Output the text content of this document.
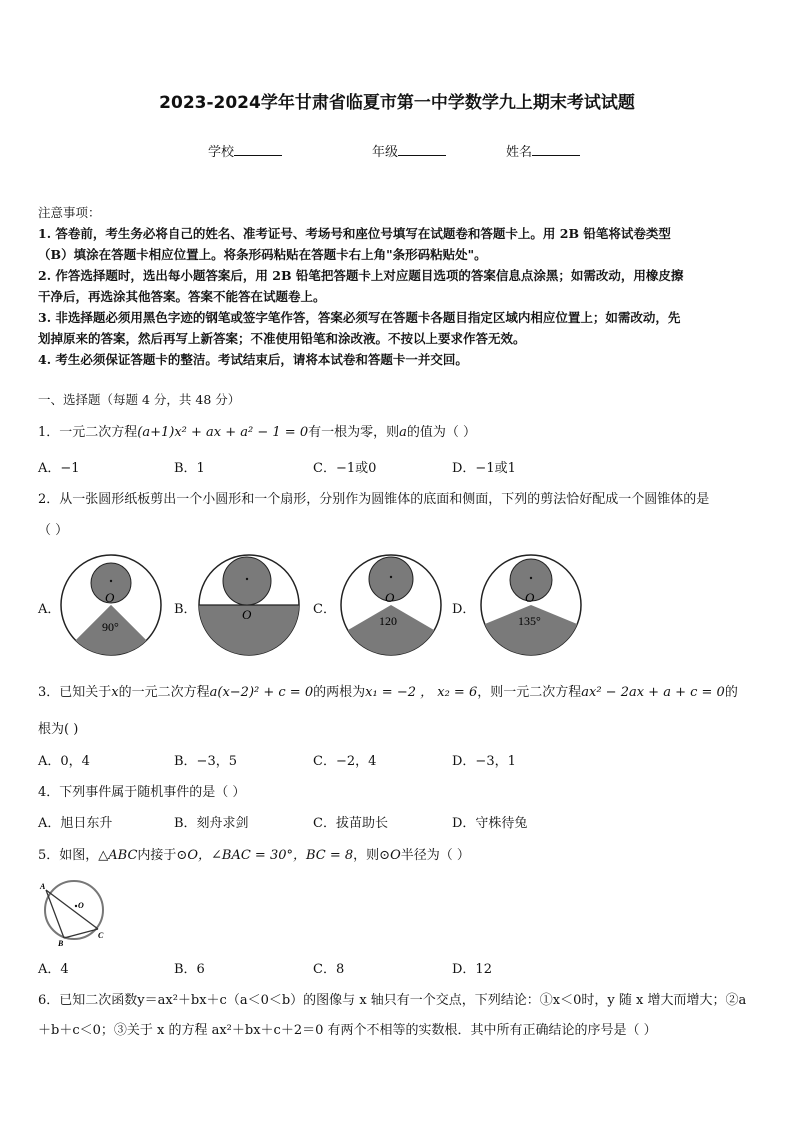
2023-2024学年甘肃省临夏市第一中学数学九上期末考试试题
学校	年级	姓名
注意事项：
1. 答卷前，考生务必将自己的姓名、准考证号、考场号和座位号填写在试题卷和答题卡上。用 2B 铅笔将试卷类型
（B）填涂在答题卡相应位置上。将条形码粘贴在答题卡右上角"条形码粘贴处"。
2. 作答选择题时，选出每小题答案后，用 2B 铅笔把答题卡上对应题目选项的答案信息点涂黑；如需改动，用橡皮擦
干净后，再选涂其他答案。答案不能答在试题卷上。
3. 非选择题必须用黑色字迹的钢笔或签字笔作答，答案必须写在答题卡各题目指定区域内相应位置上；如需改动，先
划掉原来的答案，然后再写上新答案；不准使用铅笔和涂改液。不按以上要求作答无效。
4. 考生必须保证答题卡的整洁。考试结束后，请将本试卷和答题卡一并交回。
一、选择题（每题 4 分，共 48 分）
1．一元二次方程(a+1)x² + ax + a² − 1 = 0有一根为零，则a的值为（ ）
A．−1	B．1	C．−1或0	D．−1或1
2．从一张圆形纸板剪出一个小圆形和一个扇形，分别作为圆锥体的底面和侧面，下列的剪法恰好配成一个圆锥体的是
（ ）
A．	B．	C．	D．
O
90°
O
O
120
O
135°
3．已知关于x的一元二次方程a(x−2)² + c = 0的两根为x₁ = −2 ， x₂ = 6，则一元二次方程ax² − 2ax + a + c = 0的
根为( )
A．0，4	B．−3，5	C．−2，4	D．−3，1
4．下列事件属于随机事件的是（ ）
A．旭日东升	B．刻舟求剑	C．拔苗助长	D．守株待兔
5．如图，△ABC内接于⊙O，∠BAC = 30°，BC = 8，则⊙O半径为（ ）
A
O
B
C
A．4	B．6	C．8	D．12
6．已知二次函数y＝ax²＋bx＋c（a＜0＜b）的图像与 x 轴只有一个交点，下列结论：①x＜0时，y 随 x 增大而增大；②a
＋b＋c＜0；③关于 x 的方程 ax²＋bx＋c＋2＝0 有两个不相等的实数根．其中所有正确结论的序号是（ ）
